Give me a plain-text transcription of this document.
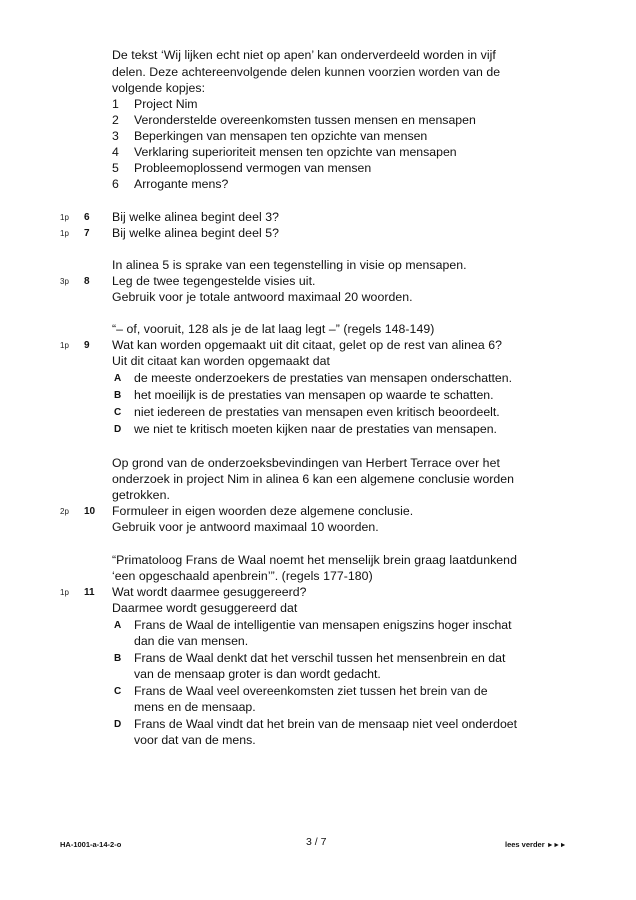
De tekst ‘Wij lijken echt niet op apen’ kan onderverdeeld worden in vijf
delen. Deze achtereenvolgende delen kunnen voorzien worden van de
volgende kopjes:
1 Project Nim
2 Veronderstelde overeenkomsten tussen mensen en mensapen
3 Beperkingen van mensapen ten opzichte van mensen
4 Verklaring superioriteit mensen ten opzichte van mensapen
5 Probleemoplossend vermogen van mensen
6 Arrogante mens?
1p 6 Bij welke alinea begint deel 3?
1p 7 Bij welke alinea begint deel 5?
In alinea 5 is sprake van een tegenstelling in visie op mensapen.
3p 8 Leg de twee tegengestelde visies uit.
Gebruik voor je totale antwoord maximaal 20 woorden.
“– of, vooruit, 128 als je de lat laag legt –” (regels 148-149)
1p 9 Wat kan worden opgemaakt uit dit citaat, gelet op de rest van alinea 6?
Uit dit citaat kan worden opgemaakt dat
A de meeste onderzoekers de prestaties van mensapen onderschatten.
B het moeilijk is de prestaties van mensapen op waarde te schatten.
C niet iedereen de prestaties van mensapen even kritisch beoordeelt.
D we niet te kritisch moeten kijken naar de prestaties van mensapen.
Op grond van de onderzoeksbevindingen van Herbert Terrace over het
onderzoek in project Nim in alinea 6 kan een algemene conclusie worden
getrokken.
2p 10 Formuleer in eigen woorden deze algemene conclusie.
Gebruik voor je antwoord maximaal 10 woorden.
“Primatoloog Frans de Waal noemt het menselijk brein graag laatdunkend
‘een opgeschaald apenbrein’”. (regels 177-180)
1p 11 Wat wordt daarmee gesuggereerd?
Daarmee wordt gesuggereerd dat
A Frans de Waal de intelligentie van mensapen enigszins hoger inschat
dan die van mensen.
B Frans de Waal denkt dat het verschil tussen het mensenbrein en dat
van de mensaap groter is dan wordt gedacht.
C Frans de Waal veel overeenkomsten ziet tussen het brein van de
mens en de mensaap.
D Frans de Waal vindt dat het brein van de mensaap niet veel onderdoet
voor dat van de mens.
HA-1001-a-14-2-o	3 / 7	lees verder ►►►
